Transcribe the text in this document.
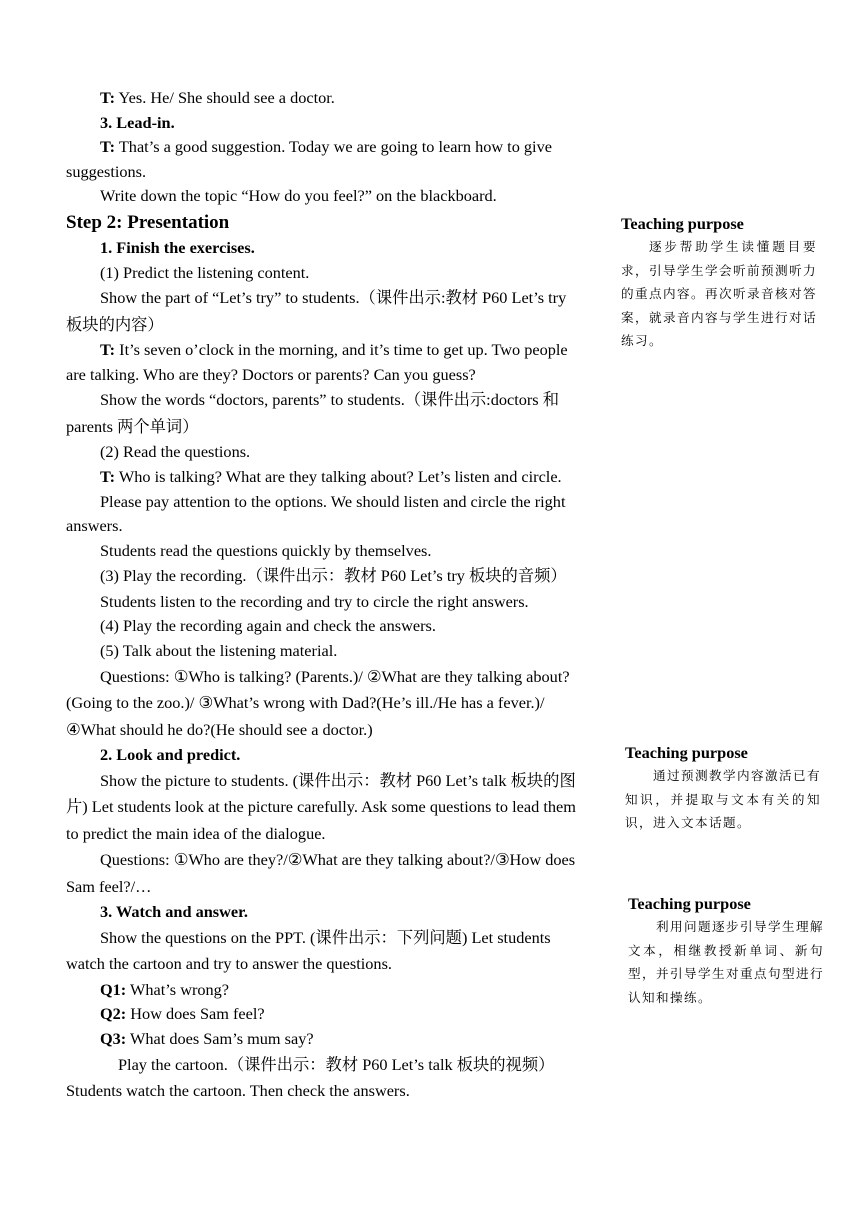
T: Yes. He/ She should see a doctor.

3. Lead-in.

T: That’s a good suggestion. Today we are going to learn how to give suggestions.

Write down the topic “How do you feel?” on the blackboard.

Step 2: Presentation

1. Finish the exercises.

(1) Predict the listening content.

Show the part of “Let’s try” to students.（课件出示:教材 P60 Let’s try 板块的内容）

T: It’s seven o’clock in the morning, and it’s time to get up. Two people are talking. Who are they? Doctors or parents? Can you guess?

Show the words “doctors, parents” to students.（课件出示:doctors 和 parents 两个单词）

(2) Read the questions.

T: Who is talking? What are they talking about? Let’s listen and circle.

Please pay attention to the options. We should listen and circle the right answers.

Students read the questions quickly by themselves.

(3) Play the recording.（课件出示：教材 P60 Let’s try 板块的音频）

Students listen to the recording and try to circle the right answers.

(4) Play the recording again and check the answers.

(5) Talk about the listening material.

Questions: ①Who is talking? (Parents.)/ ②What are they talking about? (Going to the zoo.)/ ③What’s wrong with Dad?(He’s ill./He has a fever.)/ ④What should he do?(He should see a doctor.)

2. Look and predict.

Show the picture to students. (课件出示：教材 P60 Let’s talk 板块的图片) Let students look at the picture carefully. Ask some questions to lead them to predict the main idea of the dialogue.

Questions: ①Who are they?/②What are they talking about?/③How does Sam feel?/…

3. Watch and answer.

Show the questions on the PPT. (课件出示：下列问题) Let students watch the cartoon and try to answer the questions.

Q1: What’s wrong?

Q2: How does Sam feel?

Q3: What does Sam’s mum say?

Play the cartoon.（课件出示：教材 P60 Let’s talk 板块的视频）Students watch the cartoon. Then check the answers.

Teaching purpose

逐步帮助学生读懂题目要求，引导学生学会听前预测听力的重点内容。再次听录音核对答案，就录音内容与学生进行对话练习。

Teaching purpose

通过预测教学内容激活已有知识，并提取与文本有关的知识，进入文本话题。

Teaching purpose

利用问题逐步引导学生理解文本，相继教授新单词、新句型，并引导学生对重点句型进行认知和操练。
